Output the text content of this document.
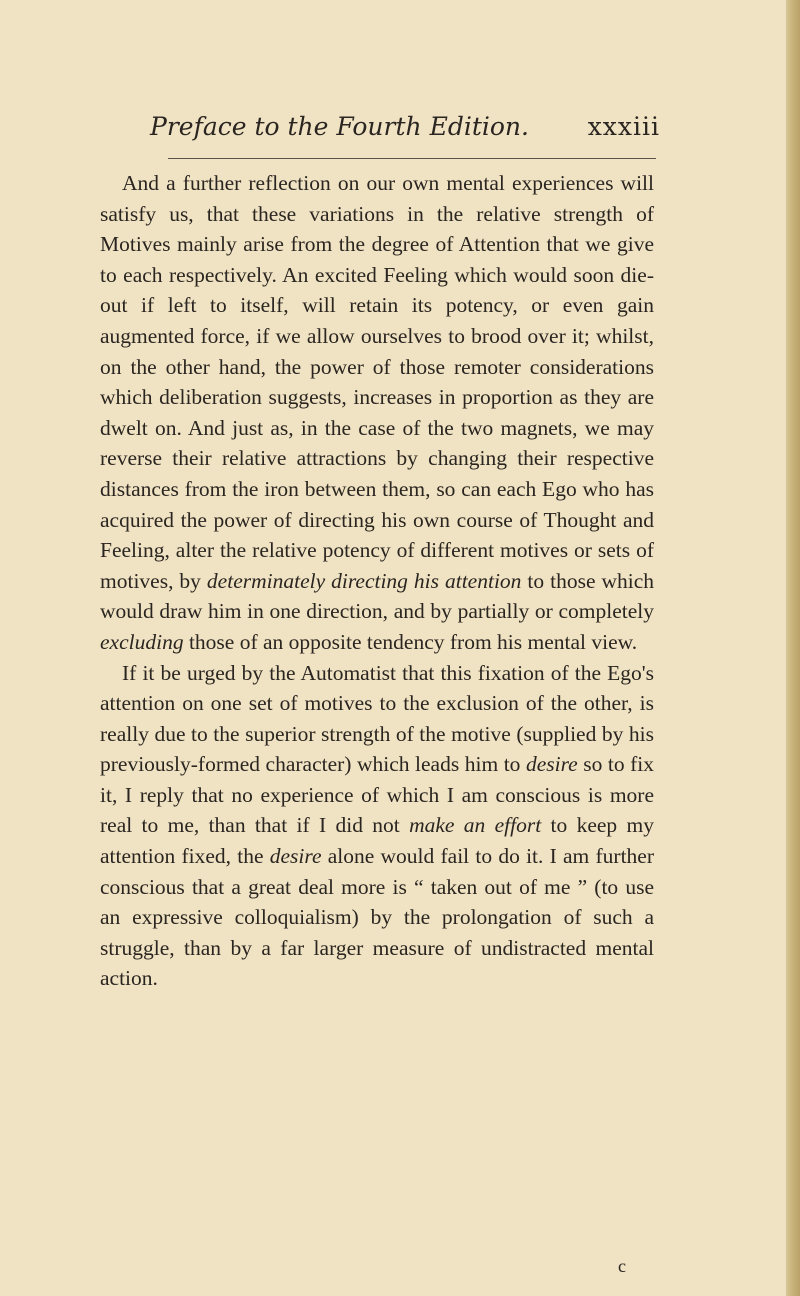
Preface to the Fourth Edition. xxxiii

And a further reflection on our own mental experiences will satisfy us, that these variations in the relative strength of Motives mainly arise from the degree of Attention that we give to each respectively. An excited Feeling which would soon die-out if left to itself, will retain its potency, or even gain augmented force, if we allow ourselves to brood over it; whilst, on the other hand, the power of those remoter considerations which deliberation suggests, increases in proportion as they are dwelt on. And just as, in the case of the two magnets, we may reverse their relative attractions by changing their respective distances from the iron between them, so can each Ego who has acquired the power of directing his own course of Thought and Feeling, alter the relative potency of different motives or sets of motives, by determinately directing his attention to those which would draw him in one direction, and by partially or completely excluding those of an opposite tendency from his mental view.

If it be urged by the Automatist that this fixation of the Ego's attention on one set of motives to the exclusion of the other, is really due to the superior strength of the motive (supplied by his previously-formed character) which leads him to desire so to fix it, I reply that no experience of which I am conscious is more real to me, than that if I did not make an effort to keep my attention fixed, the desire alone would fail to do it. I am further conscious that a great deal more is “ taken out of me ” (to use an expressive colloquialism) by the prolongation of such a struggle, than by a far larger measure of undistracted mental action.

c
